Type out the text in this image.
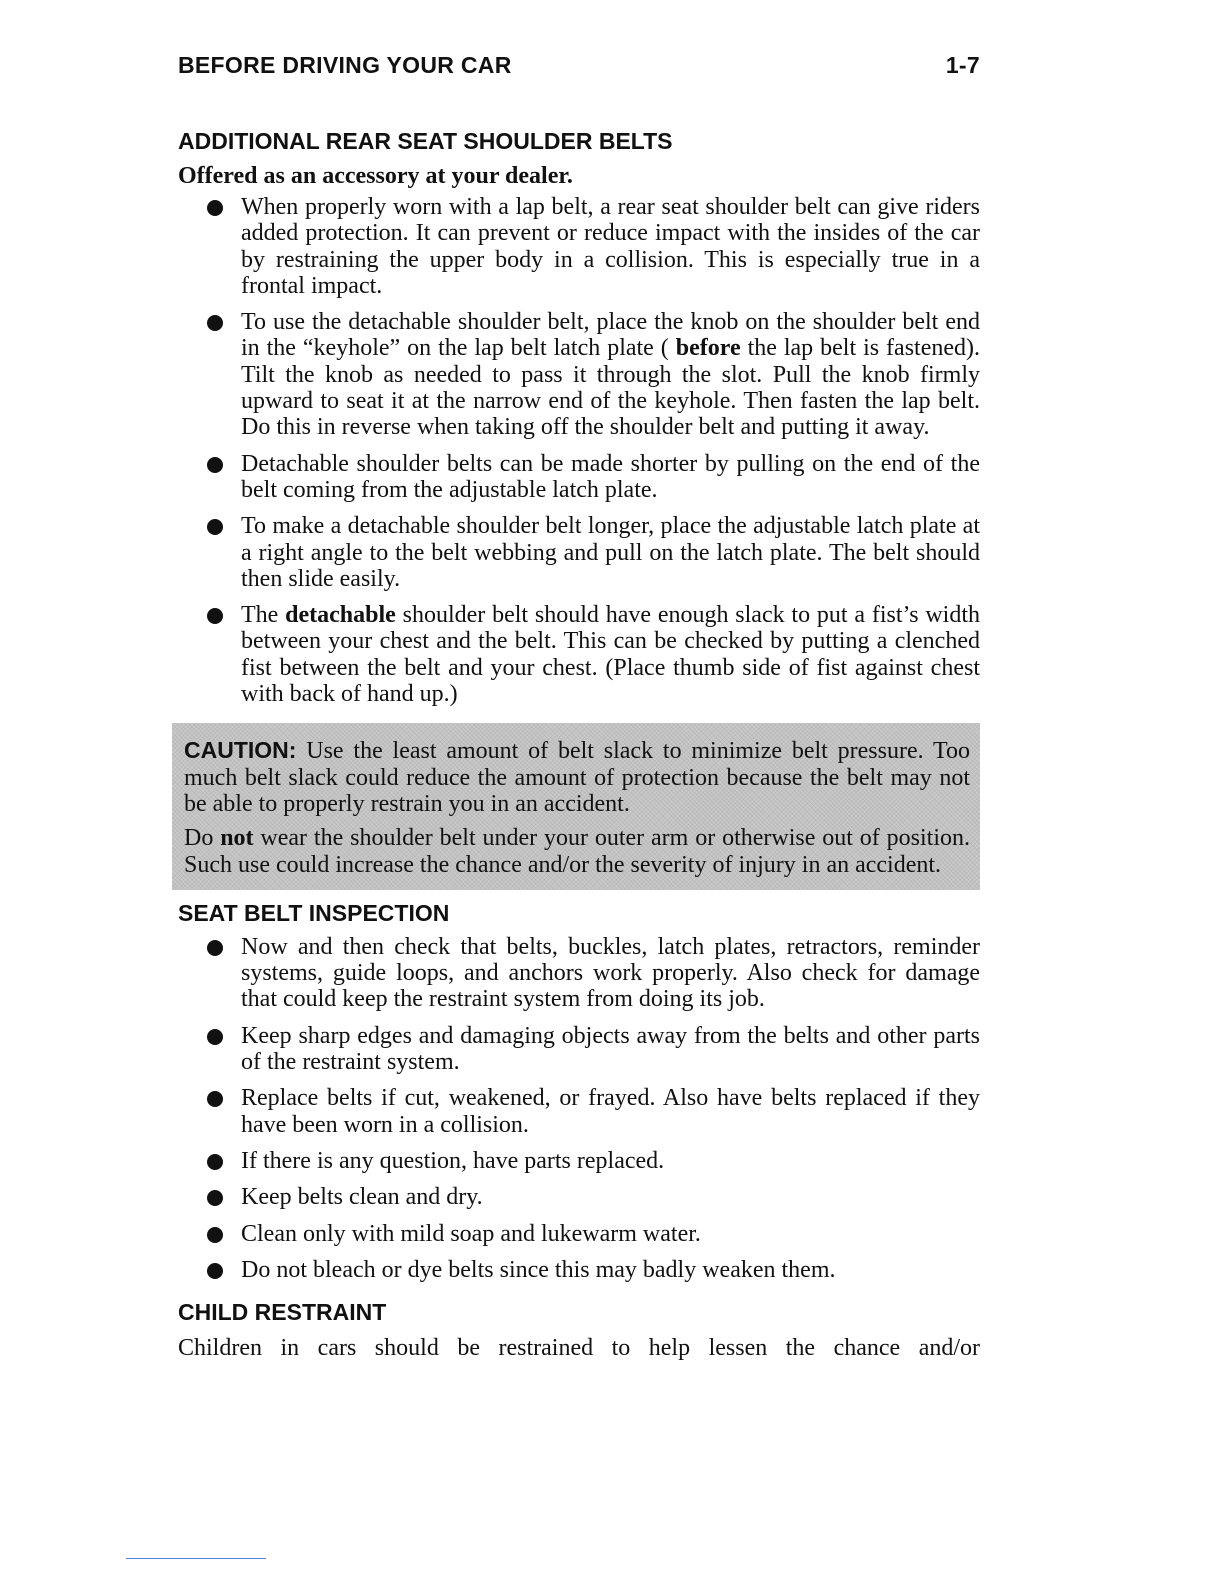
BEFORE DRIVING YOUR CAR	1-7
ADDITIONAL REAR SEAT SHOULDER BELTS

Offered as an accessory at your dealer.

When properly worn with a lap belt, a rear seat shoulder belt can give riders added protection. It can prevent or reduce impact with the insides of the car by restraining the upper body in a collision. This is especially true in a frontal impact.
To use the detachable shoulder belt, place the knob on the shoulder belt end in the “keyhole” on the lap belt latch plate ( before the lap belt is fastened). Tilt the knob as needed to pass it through the slot. Pull the knob firmly upward to seat it at the narrow end of the keyhole. Then fasten the lap belt. Do this in reverse when taking off the shoulder belt and putting it away.
Detachable shoulder belts can be made shorter by pulling on the end of the belt coming from the adjustable latch plate.
To make a detachable shoulder belt longer, place the adjustable latch plate at a right angle to the belt webbing and pull on the latch plate. The belt should then slide easily.
The detachable shoulder belt should have enough slack to put a fist’s width between your chest and the belt. This can be checked by putting a clenched fist between the belt and your chest. (Place thumb side of fist against chest with back of hand up.)

CAUTION: Use the least amount of belt slack to minimize belt pressure. Too much belt slack could reduce the amount of protection because the belt may not be able to properly restrain you in an accident.

Do not wear the shoulder belt under your outer arm or otherwise out of position. Such use could increase the chance and/or the severity of injury in an accident.

SEAT BELT INSPECTION
Now and then check that belts, buckles, latch plates, retractors, reminder systems, guide loops, and anchors work properly. Also check for damage that could keep the restraint system from doing its job.
Keep sharp edges and damaging objects away from the belts and other parts of the restraint system.
Replace belts if cut, weakened, or frayed. Also have belts replaced if they have been worn in a collision.
If there is any question, have parts replaced.
Keep belts clean and dry.
Clean only with mild soap and lukewarm water.
Do not bleach or dye belts since this may badly weaken them.
CHILD RESTRAINT

Children in cars should be restrained to help lessen the chance and/or
